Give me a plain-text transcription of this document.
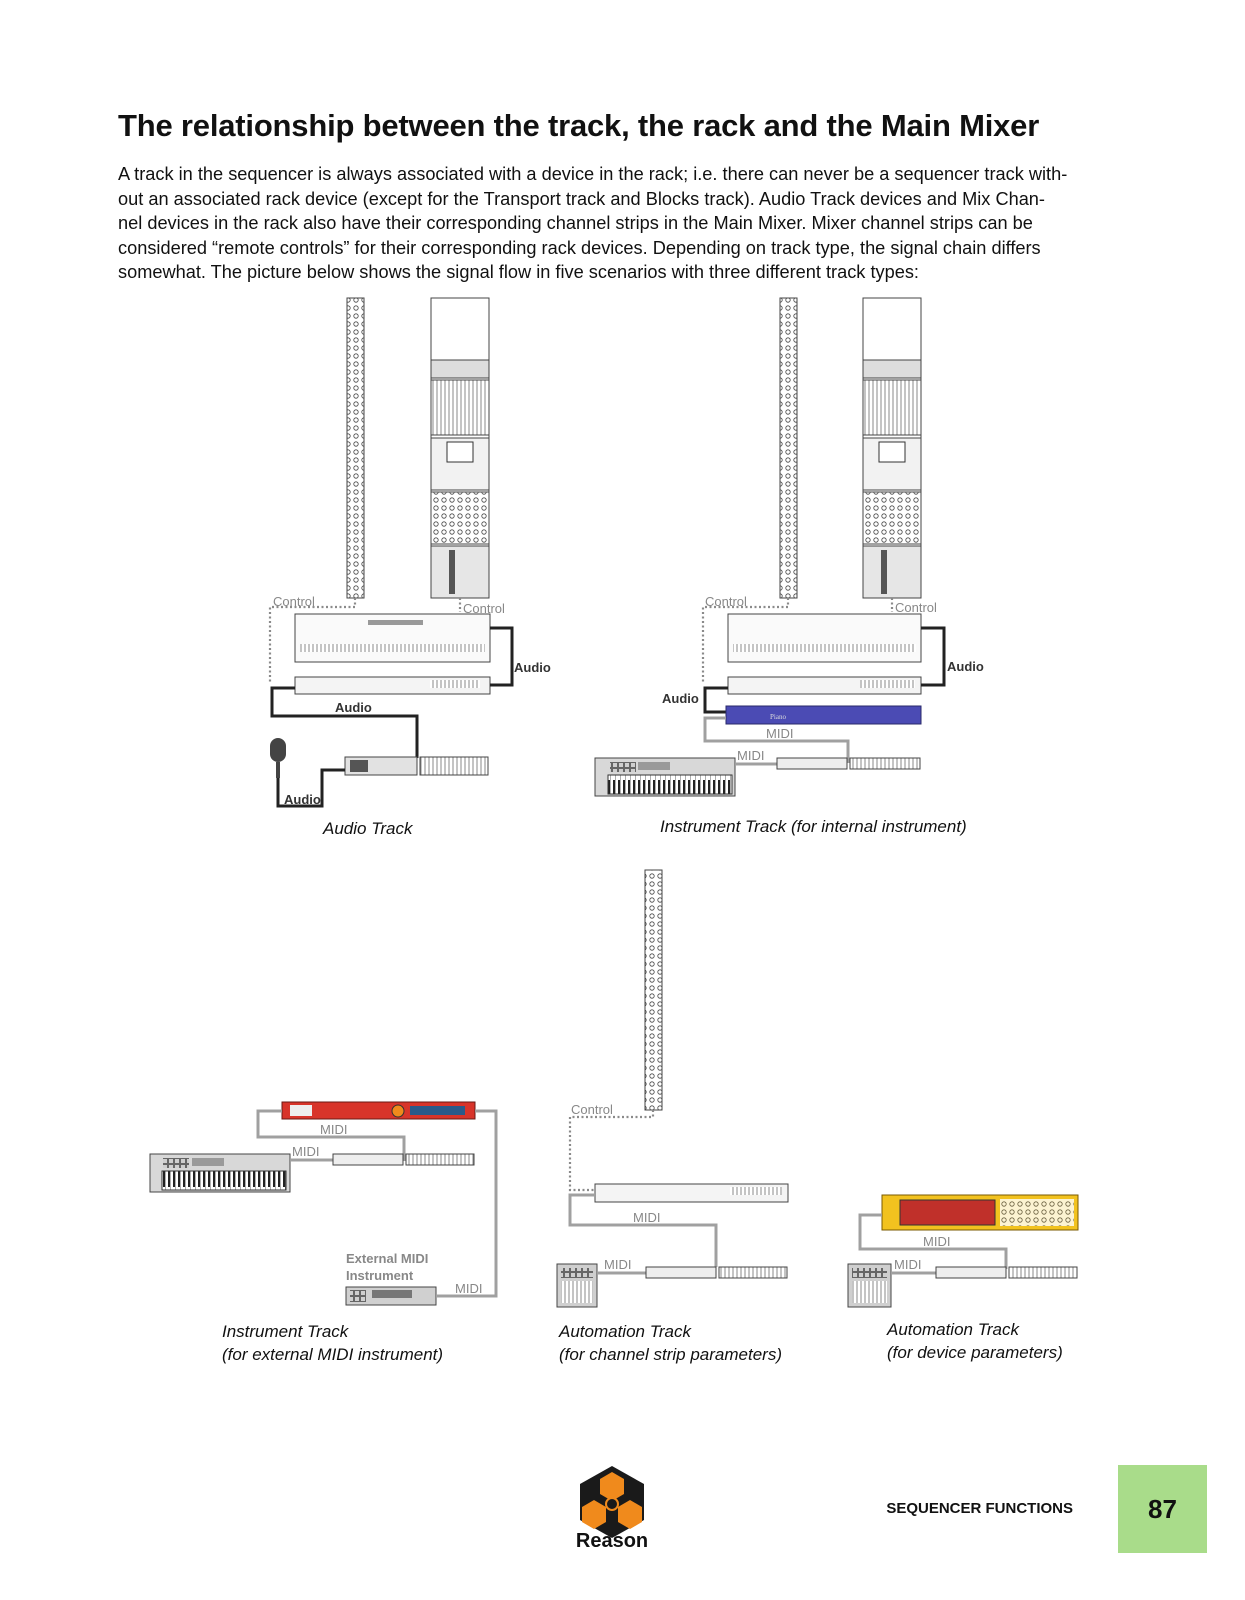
The relationship between the track, the rack and the Main Mixer
A track in the sequencer is always associated with a device in the rack; i.e. there can never be a sequencer track with-
out an associated rack device (except for the Transport track and Blocks track). Audio Track devices and Mix Chan-
nel devices in the rack also have their corresponding channel strips in the Main Mixer. Mixer channel strips can be
considered “remote controls” for their corresponding rack devices. Depending on track type, the signal chain differs
somewhat. The picture below shows the signal flow in five scenarios with three different track types:
Piano
Control	Control
Audio
Audio
Audio
Control	Control
Audio
Audio
MIDI
MIDI
MIDI
MIDI
External MIDI
Instrument
MIDI
Control
MIDI
MIDI
MIDI
MIDI
Audio Track	Instrument Track (for internal instrument)
Instrument Track
(for external MIDI instrument)
Automation Track
(for channel strip parameters)
Automation Track
(for device parameters)
Reason
SEQUENCER FUNCTIONS	87
